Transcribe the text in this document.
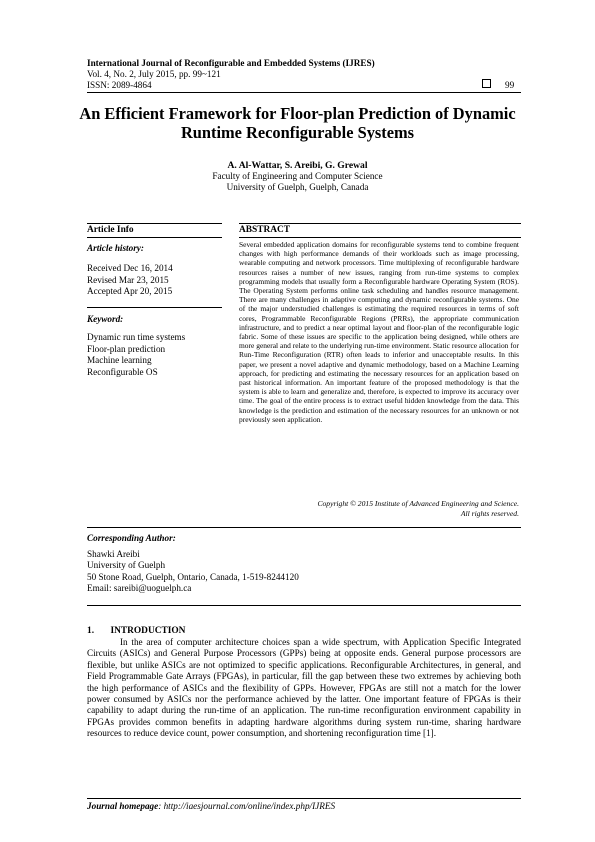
International Journal of Reconfigurable and Embedded Systems (IJRES)
Vol. 4, No. 2, July 2015, pp. 99~121
ISSN: 2089-4864	99
An Efficient Framework for Floor-plan Prediction of Dynamic
Runtime Reconfigurable Systems
A. Al-Wattar, S. Areibi, G. Grewal
Faculty of Engineering and Computer Science
University of Guelph, Guelph, Canada
Article Info	ABSTRACT
Article history:
Received Dec 16, 2014
Revised Mar 23, 2015
Accepted Apr 20, 2015
Keyword:
Dynamic run time systems
Floor-plan prediction
Machine learning
Reconfigurable OS
Several embedded application domains for reconfigurable systems tend to combine frequent changes with high performance demands of their workloads such as image processing, wearable computing and network processors. Time multiplexing of reconfigurable hardware resources raises a number of new issues, ranging from run-time systems to complex programming models that usually form a Reconfigurable hardware Operating System (ROS). The Operating System performs online task scheduling and handles resource management. There are many challenges in adaptive computing and dynamic reconfigurable systems. One of the major understudied challenges is estimating the required resources in terms of soft cores, Programmable Reconfigurable Regions (PRRs), the appropriate communication infrastructure, and to predict a near optimal layout and floor-plan of the reconfigurable logic fabric. Some of these issues are specific to the application being designed, while others are more general and relate to the underlying run-time environment. Static resource allocation for Run-Time Reconfiguration (RTR) often leads to inferior and unacceptable results. In this paper, we present a novel adaptive and dynamic methodology, based on a Machine Learning approach, for predicting and estimating the necessary resources for an application based on past historical information. An important feature of the proposed methodology is that the system is able to learn and generalize and, therefore, is expected to improve its accuracy over time. The goal of the entire process is to extract useful hidden knowledge from the data. This knowledge is the prediction and estimation of the necessary resources for an unknown or not previously seen application.
Copyright © 2015 Institute of Advanced Engineering and Science.
All rights reserved.
Corresponding Author:
Shawki Areibi
University of Guelph
50 Stone Road, Guelph, Ontario, Canada, 1-519-8244120
Email: sareibi@uoguelph.ca
1.       INTRODUCTION
In the area of computer architecture choices span a wide spectrum, with Application Specific Integrated Circuits (ASICs) and General Purpose Processors (GPPs) being at opposite ends. General purpose processors are flexible, but unlike ASICs are not optimized to specific applications. Reconfigurable Architectures, in general, and Field Programmable Gate Arrays (FPGAs), in particular, fill the gap between these two extremes by achieving both the high performance of ASICs and the flexibility of GPPs. However, FPGAs are still not a match for the lower power consumed by ASICs nor the performance achieved by the latter. One important feature of FPGAs is their capability to adapt during the run-time of an application. The run-time reconfiguration environment capability in FPGAs provides common benefits in adapting hardware algorithms during system run-time, sharing hardware resources to reduce device count, power consumption, and shortening reconfiguration time [1].
Journal homepage: http://iaesjournal.com/online/index.php/IJRES
